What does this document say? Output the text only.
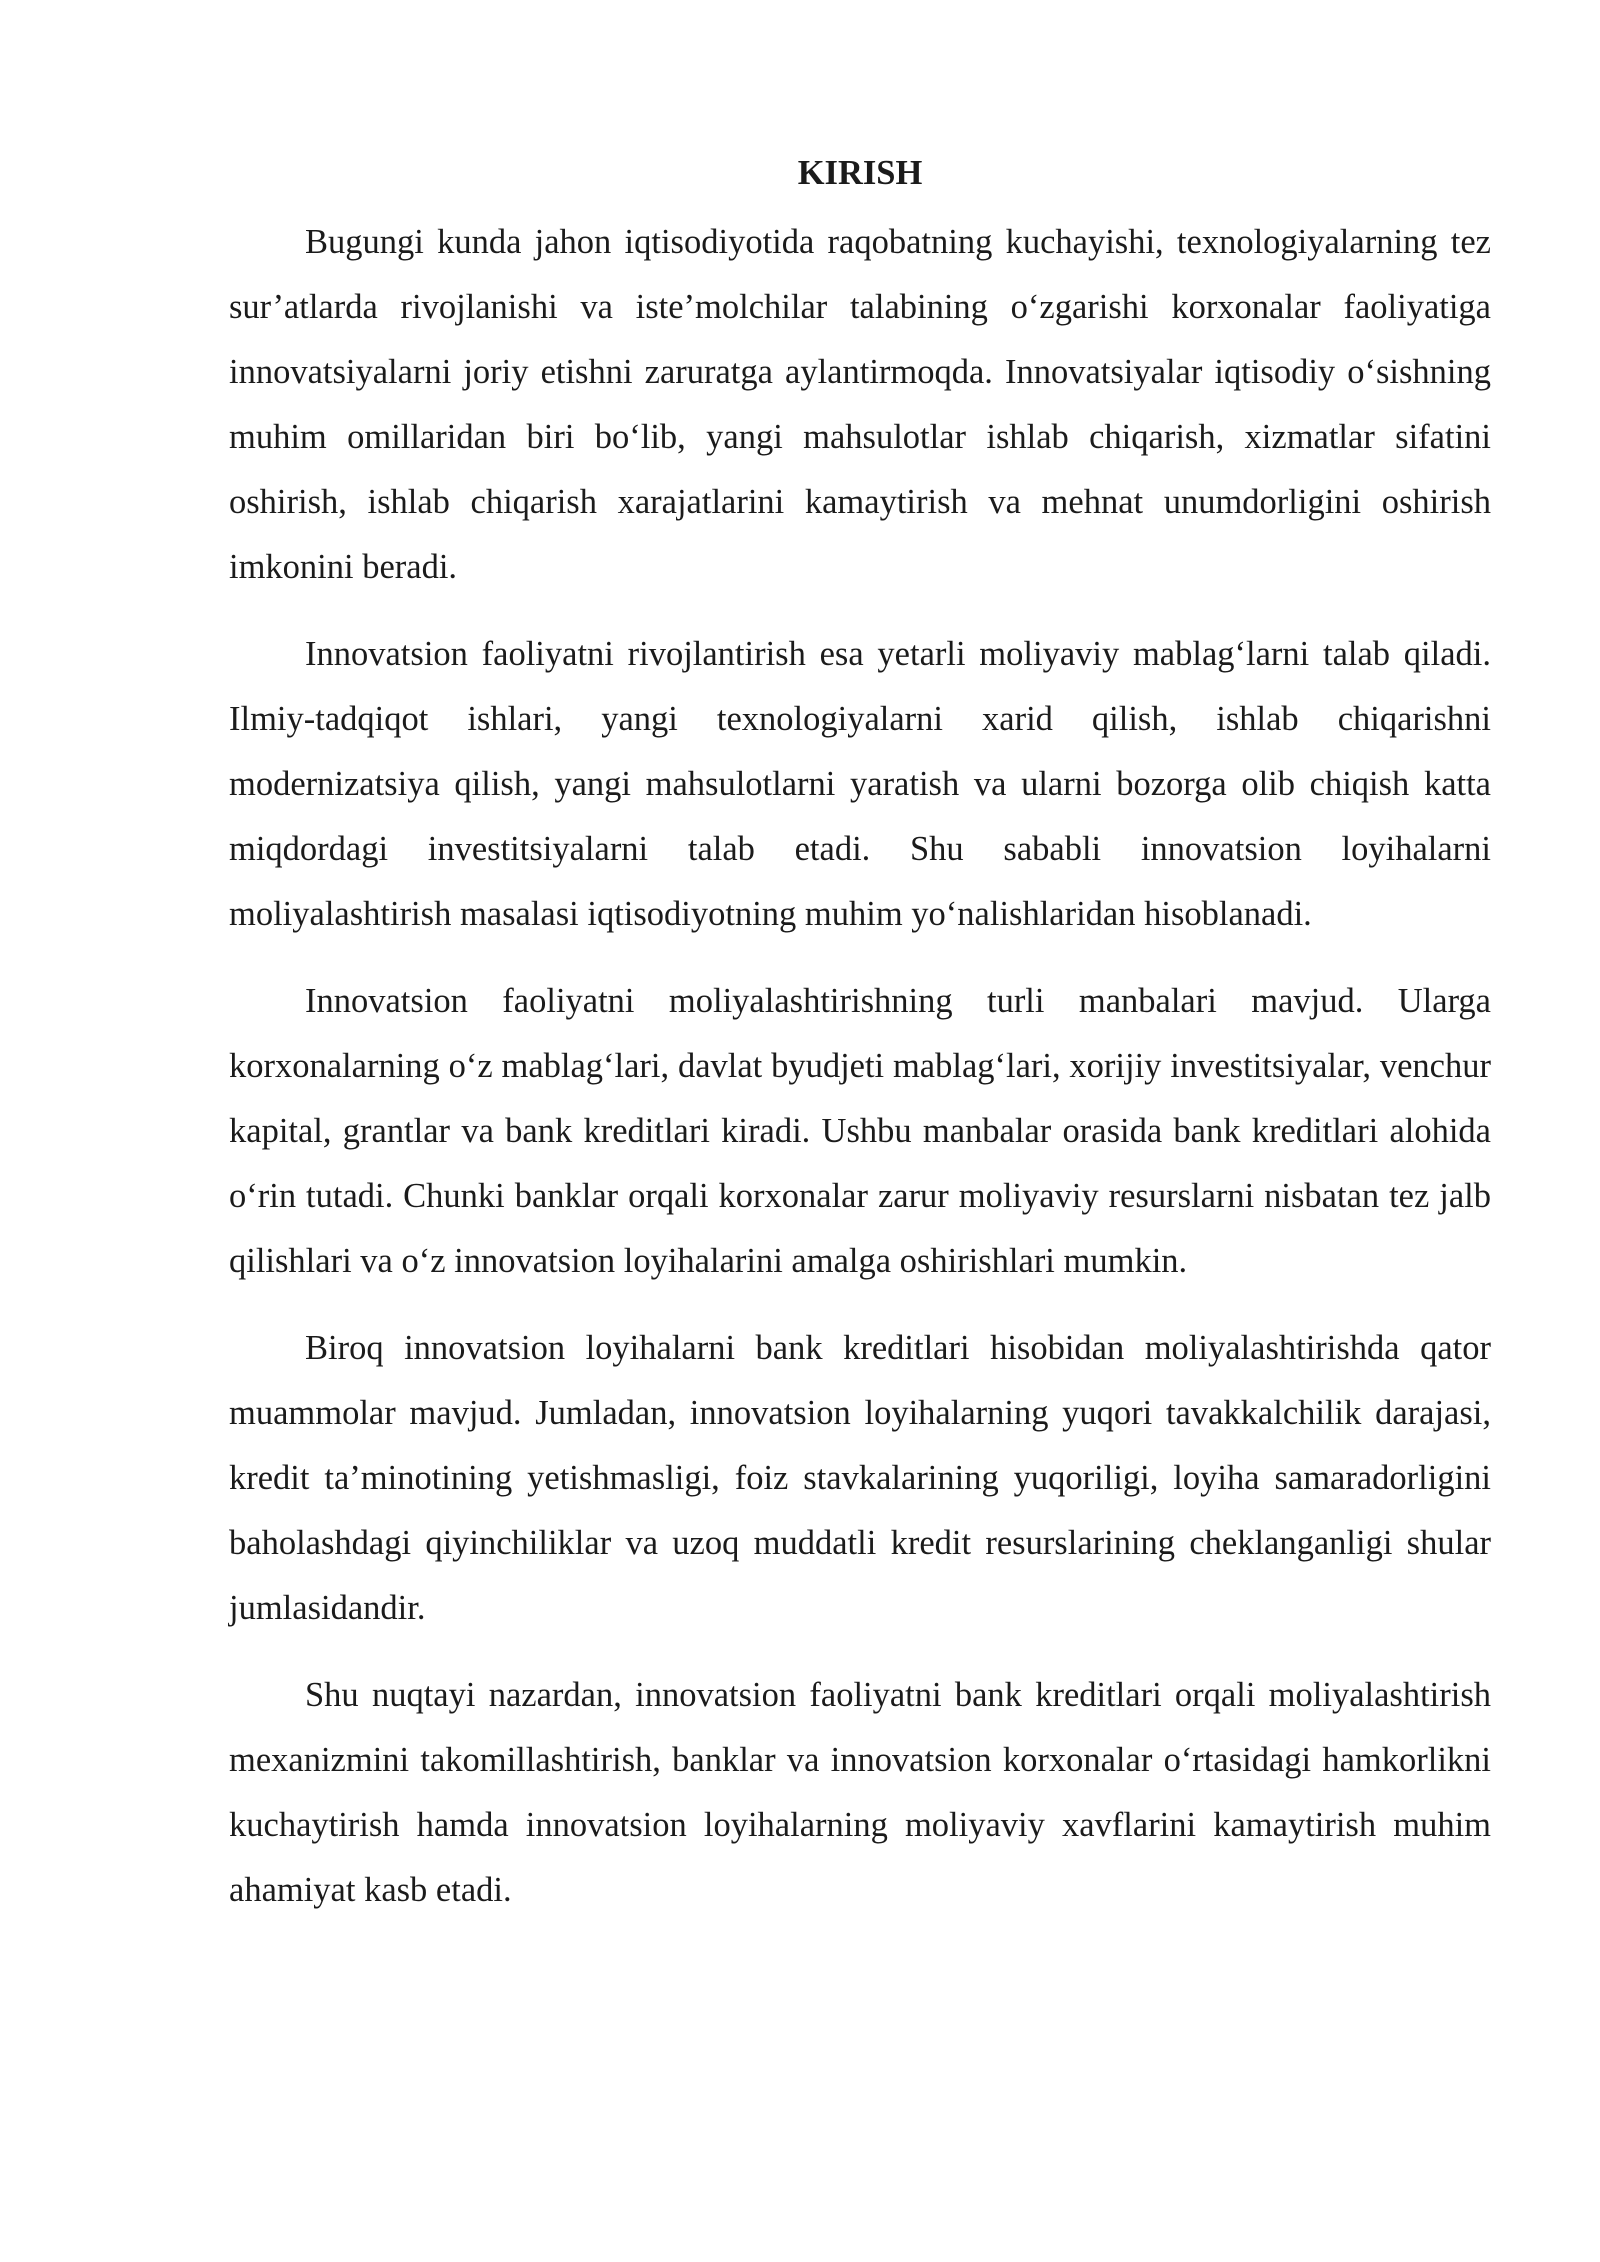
KIRISH

Bugungi kunda jahon iqtisodiyotida raqobatning kuchayishi, texnologiyalarning tez sur’atlarda rivojlanishi va iste’molchilar talabining oʻzgarishi korxonalar faoliyatiga innovatsiyalarni joriy etishni zaruratga aylantirmoqda. Innovatsiyalar iqtisodiy oʻsishning muhim omillaridan biri boʻlib, yangi mahsulotlar ishlab chiqarish, xizmatlar sifatini oshirish, ishlab chiqarish xarajatlarini kamaytirish va mehnat unumdorligini oshirish imkonini beradi.

Innovatsion faoliyatni rivojlantirish esa yetarli moliyaviy mablagʻlarni talab qiladi. Ilmiy-tadqiqot ishlari, yangi texnologiyalarni xarid qilish, ishlab chiqarishni modernizatsiya qilish, yangi mahsulotlarni yaratish va ularni bozorga olib chiqish katta miqdordagi investitsiyalarni talab etadi. Shu sababli innovatsion loyihalarni moliyalashtirish masalasi iqtisodiyotning muhim yoʻnalishlaridan hisoblanadi.

Innovatsion faoliyatni moliyalashtirishning turli manbalari mavjud. Ularga korxonalarning oʻz mablagʻlari, davlat byudjeti mablagʻlari, xorijiy investitsiyalar, venchur kapital, grantlar va bank kreditlari kiradi. Ushbu manbalar orasida bank kreditlari alohida oʻrin tutadi. Chunki banklar orqali korxonalar zarur moliyaviy resurslarni nisbatan tez jalb qilishlari va oʻz innovatsion loyihalarini amalga oshirishlari mumkin.

Biroq innovatsion loyihalarni bank kreditlari hisobidan moliyalashtirishda qator muammolar mavjud. Jumladan, innovatsion loyihalarning yuqori tavakkalchilik darajasi, kredit ta’minotining yetishmasligi, foiz stavkalarining yuqoriligi, loyiha samaradorligini baholashdagi qiyinchiliklar va uzoq muddatli kredit resurslarining cheklanganligi shular jumlasidandir.

Shu nuqtayi nazardan, innovatsion faoliyatni bank kreditlari orqali moliyalashtirish mexanizmini takomillashtirish, banklar va innovatsion korxonalar oʻrtasidagi hamkorlikni kuchaytirish hamda innovatsion loyihalarning moliyaviy xavflarini kamaytirish muhim ahamiyat kasb etadi.
